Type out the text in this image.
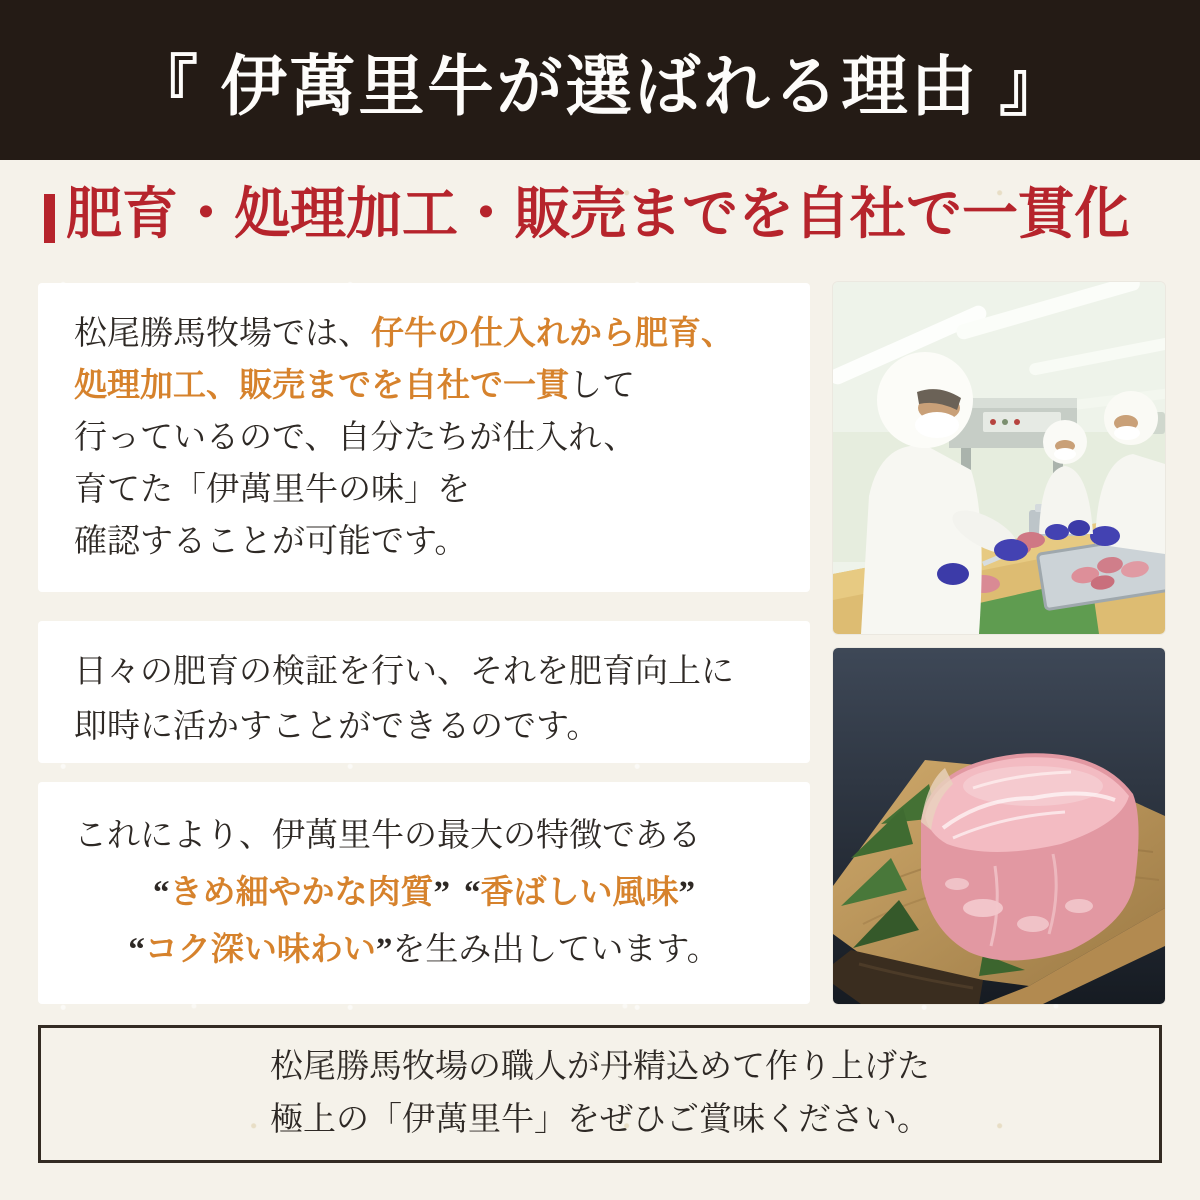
『 伊萬里牛が選ばれる理由 』
肥育・処理加工・販売までを自社で一貫化
松尾勝馬牧場では、仔牛の仕入れから肥育、
処理加工、販売までを自社で一貫して
行っているので、自分たちが仕入れ、
育てた「伊萬里牛の味」を
確認することが可能です。
日々の肥育の検証を行い、それを肥育向上に
即時に活かすことができるのです。
これにより、伊萬里牛の最大の特徴である
“きめ細やかな肉質” “香ばしい風味”
“コク深い味わい”を生み出しています。
松尾勝馬牧場の職人が丹精込めて作り上げた
極上の「伊萬里牛」をぜひご賞味ください。
